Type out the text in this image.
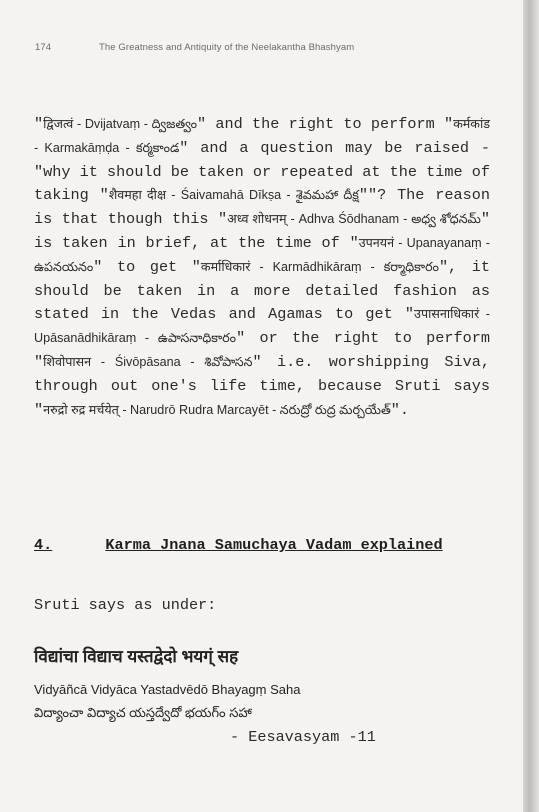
174	The Greatness and Antiquity of the Neelakantha Bhashyam
"द्विजत्वं - Dvijatvaṃ - ద్విజత్వం" and the right to perform "कर्मकांड - Karmakāṃḍa - కర్మకాండ" and a question may be raised - "why it should be taken or repeated at the time of taking "शैवमहा दीक्ष - Śaivamahā Dīkṣa - శైవమహా దీక్ష""? The reason is that though this "अध्व शोधनम् - Adhva Śōdhanam - అధ్వ శోధనమ్" is taken in brief, at the time of "उपनयनं - Upanayanaṃ - ఉపనయనం" to get "कर्माधिकारं - Karmādhikāraṃ - కర్మాధికారం", it should be taken in a more detailed fashion as stated in the Vedas and Agamas to get "उपासनाधिकारं - Upāsanādhikāraṃ - ఉపాసనాధికారం" or the right to perform "शिवोपासन - Śivōpāsana - శివోపాసన" i.e. worshipping Siva, through out one's life time, because Sruti says "नरुद्रो रुद्र मर्चयेत् - Narudrō Rudra Marcayēt - నరుద్రో రుద్ర మర్చయేత్".
4.	Karma Jnana Samuchaya Vadam explained
Sruti says as under:
विद्यांचा विद्याच यस्तद्वेदो भयग्ं सह
Vidyāñcā Vidyāca Yastadvēdō Bhayagṃ Saha
విద్యాంచా విద్యాచ యస్తద్వేదో భయగ్ం సహా
- Eesavasyam -11
